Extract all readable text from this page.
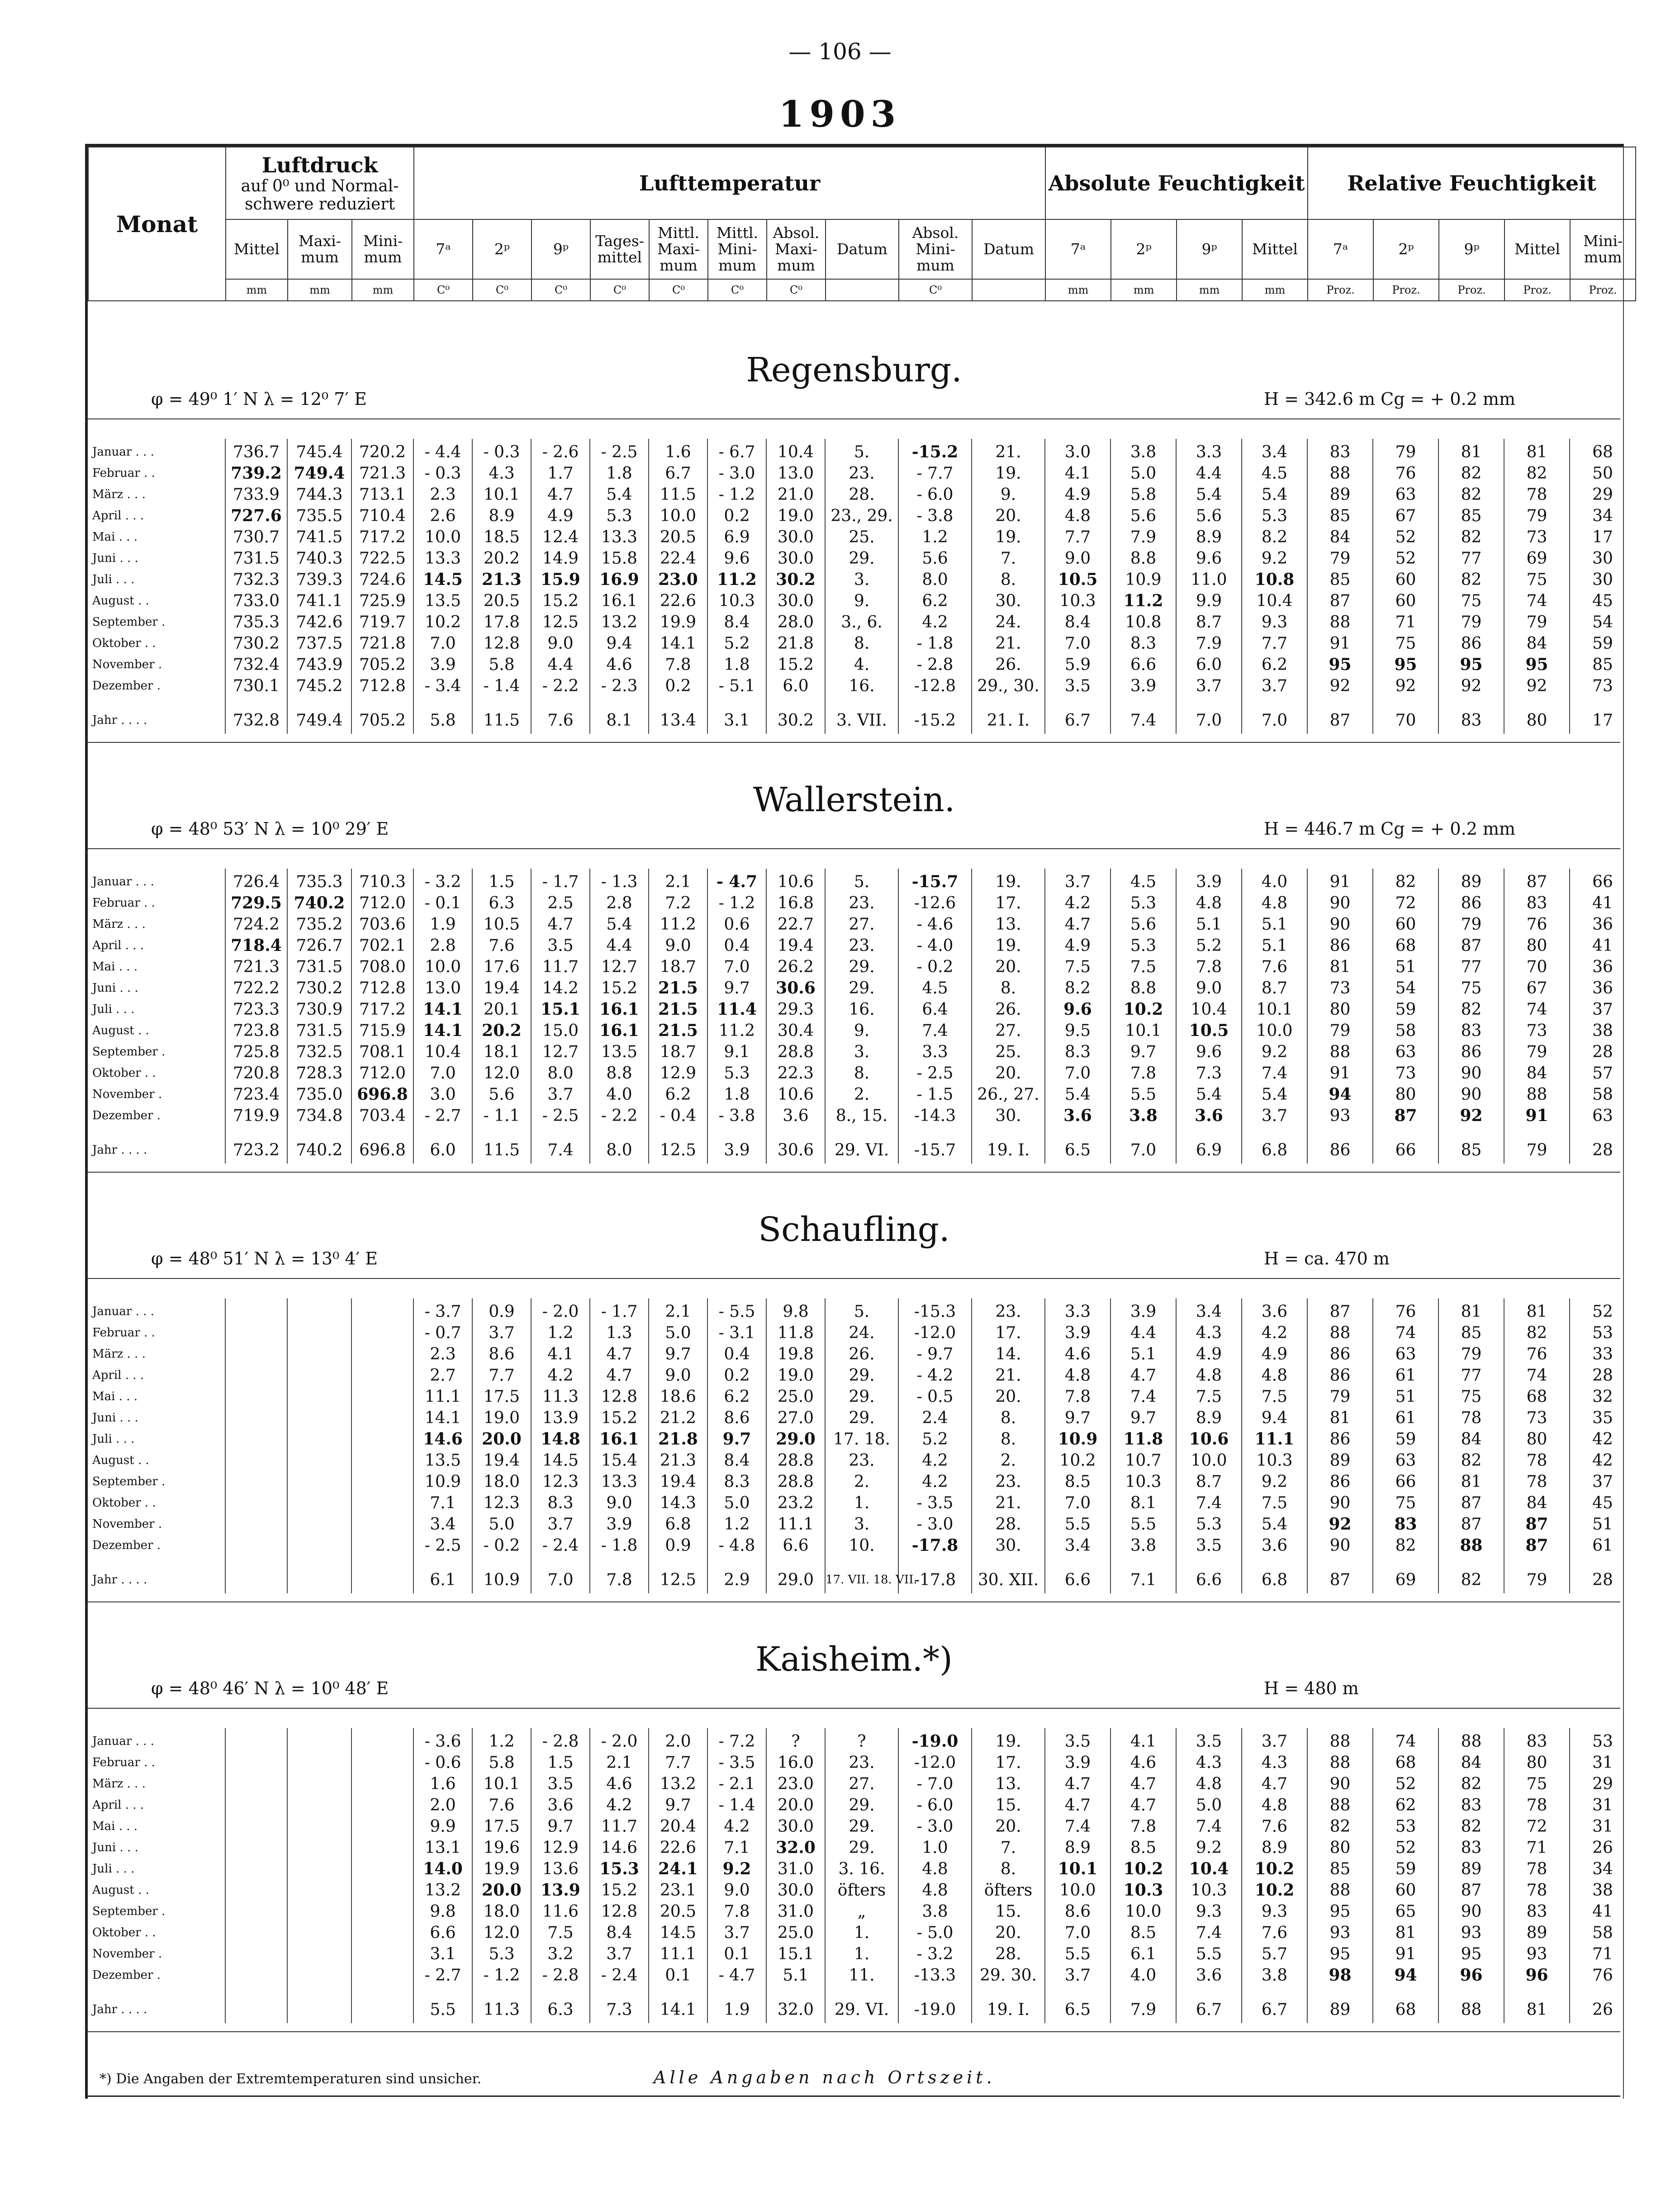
— 106 —
1903
Monat	Luftdruck
auf 0⁰ und Normal-schwere reduziert			Lufttemperatur										Absolute Feuchtigkeit				Relative Feuchtigkeit				
	Mittel	Maxi-mum	Mini-mum	7ᵃ	2ᵖ	9ᵖ	Tages-mittel	Mittl. Maxi-mum	Mittl. Mini-mum	Absol. Maxi-mum	Datum	Absol. Mini-mum	Datum	7ᵃ	2ᵖ	9ᵖ	Mittel	7ᵃ	2ᵖ	9ᵖ	Mittel	Mini-mum
	mm	mm	mm	C⁰	C⁰	C⁰	C⁰	C⁰	C⁰	C⁰		C⁰		mm	mm	mm	mm	Proz.	Proz.	Proz.	Proz.	Proz.
Regensburg.
φ = 49⁰ 1′ N λ = 12⁰ 7′ E	H = 342.6 m Cg = + 0.2 mm
Januar . . .	736.7	745.4	720.2	- 4.4	- 0.3	- 2.6	- 2.5	1.6	- 6.7	10.4	5.	-15.2	21.	3.0	3.8	3.3	3.4	83	79	81	81	68
Februar . .	739.2	749.4	721.3	- 0.3	4.3	1.7	1.8	6.7	- 3.0	13.0	23.	- 7.7	19.	4.1	5.0	4.4	4.5	88	76	82	82	50
März . . .	733.9	744.3	713.1	2.3	10.1	4.7	5.4	11.5	- 1.2	21.0	28.	- 6.0	9.	4.9	5.8	5.4	5.4	89	63	82	78	29
April . . .	727.6	735.5	710.4	2.6	8.9	4.9	5.3	10.0	0.2	19.0	23., 29.	- 3.8	20.	4.8	5.6	5.6	5.3	85	67	85	79	34
Mai . . .	730.7	741.5	717.2	10.0	18.5	12.4	13.3	20.5	6.9	30.0	25.	1.2	19.	7.7	7.9	8.9	8.2	84	52	82	73	17
Juni . . .	731.5	740.3	722.5	13.3	20.2	14.9	15.8	22.4	9.6	30.0	29.	5.6	7.	9.0	8.8	9.6	9.2	79	52	77	69	30
Juli . . .	732.3	739.3	724.6	14.5	21.3	15.9	16.9	23.0	11.2	30.2	3.	8.0	8.	10.5	10.9	11.0	10.8	85	60	82	75	30
August . .	733.0	741.1	725.9	13.5	20.5	15.2	16.1	22.6	10.3	30.0	9.	6.2	30.	10.3	11.2	9.9	10.4	87	60	75	74	45
September .	735.3	742.6	719.7	10.2	17.8	12.5	13.2	19.9	8.4	28.0	3., 6.	4.2	24.	8.4	10.8	8.7	9.3	88	71	79	79	54
Oktober . .	730.2	737.5	721.8	7.0	12.8	9.0	9.4	14.1	5.2	21.8	8.	- 1.8	21.	7.0	8.3	7.9	7.7	91	75	86	84	59
November .	732.4	743.9	705.2	3.9	5.8	4.4	4.6	7.8	1.8	15.2	4.	- 2.8	26.	5.9	6.6	6.0	6.2	95	95	95	95	85
Dezember .	730.1	745.2	712.8	- 3.4	- 1.4	- 2.2	- 2.3	0.2	- 5.1	6.0	16.	-12.8	29., 30.	3.5	3.9	3.7	3.7	92	92	92	92	73
Jahr . . . .	732.8	749.4	705.2	5.8	11.5	7.6	8.1	13.4	3.1	30.2	3. VII.	-15.2	21. I.	6.7	7.4	7.0	7.0	87	70	83	80	17
Wallerstein.
φ = 48⁰ 53′ N λ = 10⁰ 29′ E	H = 446.7 m Cg = + 0.2 mm
Januar . . .	726.4	735.3	710.3	- 3.2	1.5	- 1.7	- 1.3	2.1	- 4.7	10.6	5.	-15.7	19.	3.7	4.5	3.9	4.0	91	82	89	87	66
Februar . .	729.5	740.2	712.0	- 0.1	6.3	2.5	2.8	7.2	- 1.2	16.8	23.	-12.6	17.	4.2	5.3	4.8	4.8	90	72	86	83	41
März . . .	724.2	735.2	703.6	1.9	10.5	4.7	5.4	11.2	0.6	22.7	27.	- 4.6	13.	4.7	5.6	5.1	5.1	90	60	79	76	36
April . . .	718.4	726.7	702.1	2.8	7.6	3.5	4.4	9.0	0.4	19.4	23.	- 4.0	19.	4.9	5.3	5.2	5.1	86	68	87	80	41
Mai . . .	721.3	731.5	708.0	10.0	17.6	11.7	12.7	18.7	7.0	26.2	29.	- 0.2	20.	7.5	7.5	7.8	7.6	81	51	77	70	36
Juni . . .	722.2	730.2	712.8	13.0	19.4	14.2	15.2	21.5	9.7	30.6	29.	4.5	8.	8.2	8.8	9.0	8.7	73	54	75	67	36
Juli . . .	723.3	730.9	717.2	14.1	20.1	15.1	16.1	21.5	11.4	29.3	16.	6.4	26.	9.6	10.2	10.4	10.1	80	59	82	74	37
August . .	723.8	731.5	715.9	14.1	20.2	15.0	16.1	21.5	11.2	30.4	9.	7.4	27.	9.5	10.1	10.5	10.0	79	58	83	73	38
September .	725.8	732.5	708.1	10.4	18.1	12.7	13.5	18.7	9.1	28.8	3.	3.3	25.	8.3	9.7	9.6	9.2	88	63	86	79	28
Oktober . .	720.8	728.3	712.0	7.0	12.0	8.0	8.8	12.9	5.3	22.3	8.	- 2.5	20.	7.0	7.8	7.3	7.4	91	73	90	84	57
November .	723.4	735.0	696.8	3.0	5.6	3.7	4.0	6.2	1.8	10.6	2.	- 1.5	26., 27.	5.4	5.5	5.4	5.4	94	80	90	88	58
Dezember .	719.9	734.8	703.4	- 2.7	- 1.1	- 2.5	- 2.2	- 0.4	- 3.8	3.6	8., 15.	-14.3	30.	3.6	3.8	3.6	3.7	93	87	92	91	63
Jahr . . . .	723.2	740.2	696.8	6.0	11.5	7.4	8.0	12.5	3.9	30.6	29. VI.	-15.7	19. I.	6.5	7.0	6.9	6.8	86	66	85	79	28
Schaufling.
φ = 48⁰ 51′ N λ = 13⁰ 4′ E	H = ca. 470 m
Januar . . .				- 3.7	0.9	- 2.0	- 1.7	2.1	- 5.5	9.8	5.	-15.3	23.	3.3	3.9	3.4	3.6	87	76	81	81	52
Februar . .				- 0.7	3.7	1.2	1.3	5.0	- 3.1	11.8	24.	-12.0	17.	3.9	4.4	4.3	4.2	88	74	85	82	53
März . . .				2.3	8.6	4.1	4.7	9.7	0.4	19.8	26.	- 9.7	14.	4.6	5.1	4.9	4.9	86	63	79	76	33
April . . .				2.7	7.7	4.2	4.7	9.0	0.2	19.0	29.	- 4.2	21.	4.8	4.7	4.8	4.8	86	61	77	74	28
Mai . . .				11.1	17.5	11.3	12.8	18.6	6.2	25.0	29.	- 0.5	20.	7.8	7.4	7.5	7.5	79	51	75	68	32
Juni . . .				14.1	19.0	13.9	15.2	21.2	8.6	27.0	29.	2.4	8.	9.7	9.7	8.9	9.4	81	61	78	73	35
Juli . . .				14.6	20.0	14.8	16.1	21.8	9.7	29.0	17. 18.	5.2	8.	10.9	11.8	10.6	11.1	86	59	84	80	42
August . .				13.5	19.4	14.5	15.4	21.3	8.4	28.8	23.	4.2	2.	10.2	10.7	10.0	10.3	89	63	82	78	42
September .				10.9	18.0	12.3	13.3	19.4	8.3	28.8	2.	4.2	23.	8.5	10.3	8.7	9.2	86	66	81	78	37
Oktober . .				7.1	12.3	8.3	9.0	14.3	5.0	23.2	1.	- 3.5	21.	7.0	8.1	7.4	7.5	90	75	87	84	45
November .				3.4	5.0	3.7	3.9	6.8	1.2	11.1	3.	- 3.0	28.	5.5	5.5	5.3	5.4	92	83	87	87	51
Dezember .				- 2.5	- 0.2	- 2.4	- 1.8	0.9	- 4.8	6.6	10.	-17.8	30.	3.4	3.8	3.5	3.6	90	82	88	87	61
Jahr . . . .				6.1	10.9	7.0	7.8	12.5	2.9	29.0	17. VII. 18. VII.	-17.8	30. XII.	6.6	7.1	6.6	6.8	87	69	82	79	28
Kaisheim.*)
φ = 48⁰ 46′ N λ = 10⁰ 48′ E	H = 480 m
Januar . . .				- 3.6	1.2	- 2.8	- 2.0	2.0	- 7.2	?	?	-19.0	19.	3.5	4.1	3.5	3.7	88	74	88	83	53
Februar . .				- 0.6	5.8	1.5	2.1	7.7	- 3.5	16.0	23.	-12.0	17.	3.9	4.6	4.3	4.3	88	68	84	80	31
März . . .				1.6	10.1	3.5	4.6	13.2	- 2.1	23.0	27.	- 7.0	13.	4.7	4.7	4.8	4.7	90	52	82	75	29
April . . .				2.0	7.6	3.6	4.2	9.7	- 1.4	20.0	29.	- 6.0	15.	4.7	4.7	5.0	4.8	88	62	83	78	31
Mai . . .				9.9	17.5	9.7	11.7	20.4	4.2	30.0	29.	- 3.0	20.	7.4	7.8	7.4	7.6	82	53	82	72	31
Juni . . .				13.1	19.6	12.9	14.6	22.6	7.1	32.0	29.	1.0	7.	8.9	8.5	9.2	8.9	80	52	83	71	26
Juli . . .				14.0	19.9	13.6	15.3	24.1	9.2	31.0	3. 16.	4.8	8.	10.1	10.2	10.4	10.2	85	59	89	78	34
August . .				13.2	20.0	13.9	15.2	23.1	9.0	30.0	öfters	4.8	öfters	10.0	10.3	10.3	10.2	88	60	87	78	38
September .				9.8	18.0	11.6	12.8	20.5	7.8	31.0	„	3.8	15.	8.6	10.0	9.3	9.3	95	65	90	83	41
Oktober . .				6.6	12.0	7.5	8.4	14.5	3.7	25.0	1.	- 5.0	20.	7.0	8.5	7.4	7.6	93	81	93	89	58
November .				3.1	5.3	3.2	3.7	11.1	0.1	15.1	1.	- 3.2	28.	5.5	6.1	5.5	5.7	95	91	95	93	71
Dezember .				- 2.7	- 1.2	- 2.8	- 2.4	0.1	- 4.7	5.1	11.	-13.3	29. 30.	3.7	4.0	3.6	3.8	98	94	96	96	76
Jahr . . . .				5.5	11.3	6.3	7.3	14.1	1.9	32.0	29. VI.	-19.0	19. I.	6.5	7.9	6.7	6.7	89	68	88	81	26
*) Die Angaben der Extremtemperaturen sind unsicher.	Alle Angaben nach Ortszeit.
